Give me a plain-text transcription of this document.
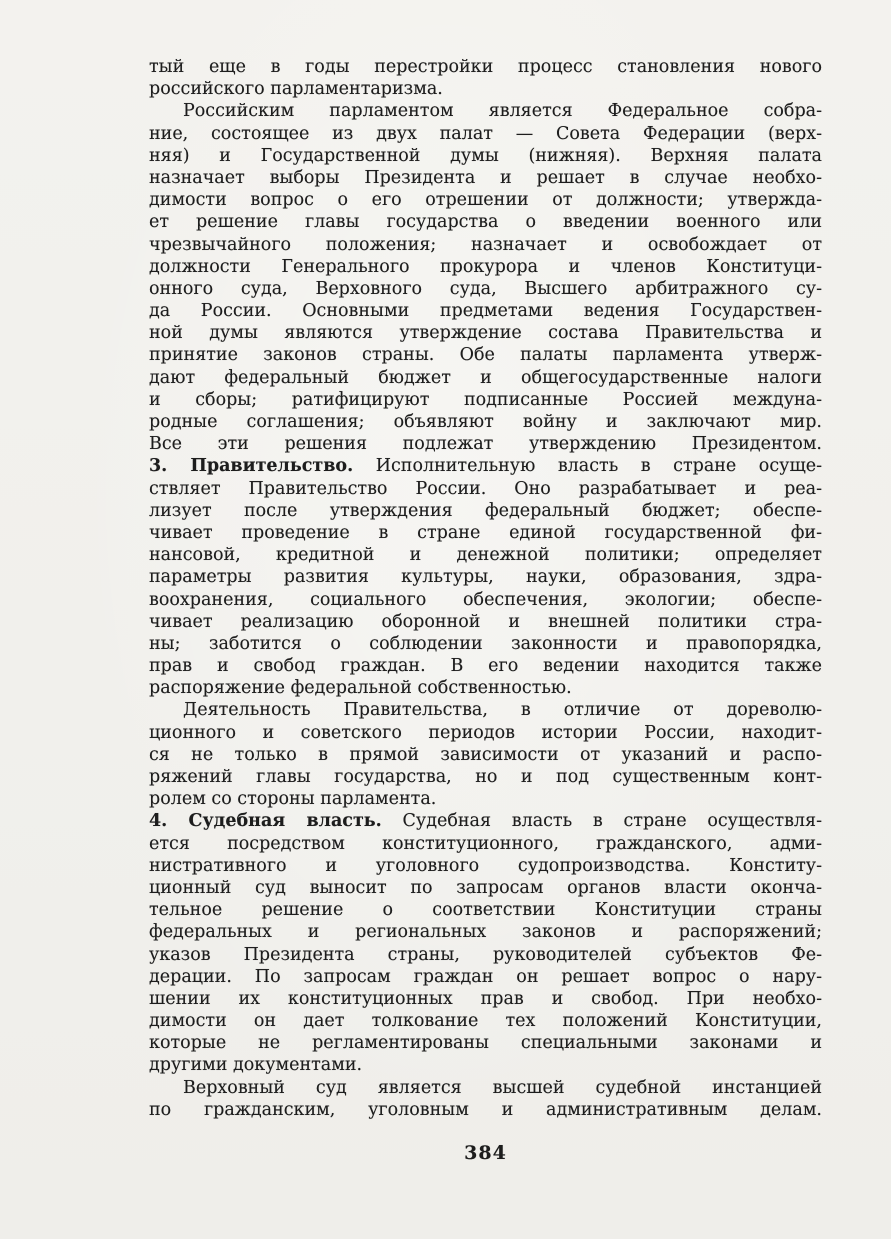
тый еще в годы перестройки процесс становления нового
российского парламентаризма.
Российским парламентом является Федеральное собра-
ние, состоящее из двух палат — Совета Федерации (верх-
няя) и Государственной думы (нижняя). Верхняя палата
назначает выборы Президента и решает в случае необхо-
димости вопрос о его отрешении от должности; утвержда-
ет решение главы государства о введении военного или
чрезвычайного положения; назначает и освобождает от
должности Генерального прокурора и членов Конституци-
онного суда, Верховного суда, Высшего арбитражного су-
да России. Основными предметами ведения Государствен-
ной думы являются утверждение состава Правительства и
принятие законов страны. Обе палаты парламента утверж-
дают федеральный бюджет и общегосударственные налоги
и сборы; ратифицируют подписанные Россией междуна-
родные соглашения; объявляют войну и заключают мир.
Все эти решения подлежат утверждению Президентом.
3. Правительство. Исполнительную власть в стране осуще-
ствляет Правительство России. Оно разрабатывает и реа-
лизует после утверждения федеральный бюджет; обеспе-
чивает проведение в стране единой государственной фи-
нансовой, кредитной и денежной политики; определяет
параметры развития культуры, науки, образования, здра-
воохранения, социального обеспечения, экологии; обеспе-
чивает реализацию оборонной и внешней политики стра-
ны; заботится о соблюдении законности и правопорядка,
прав и свобод граждан. В его ведении находится также
распоряжение федеральной собственностью.
Деятельность Правительства, в отличие от дореволю-
ционного и советского периодов истории России, находит-
ся не только в прямой зависимости от указаний и распо-
ряжений главы государства, но и под существенным конт-
ролем со стороны парламента.
4. Судебная власть. Судебная власть в стране осуществля-
ется посредством конституционного, гражданского, адми-
нистративного и уголовного судопроизводства. Конститу-
ционный суд выносит по запросам органов власти оконча-
тельное решение о соответствии Конституции страны
федеральных и региональных законов и распоряжений;
указов Президента страны, руководителей субъектов Фе-
дерации. По запросам граждан он решает вопрос о нару-
шении их конституционных прав и свобод. При необхо-
димости он дает толкование тех положений Конституции,
которые не регламентированы специальными законами и
другими документами.
Верховный суд является высшей судебной инстанцией
по гражданским, уголовным и административным делам.
384
